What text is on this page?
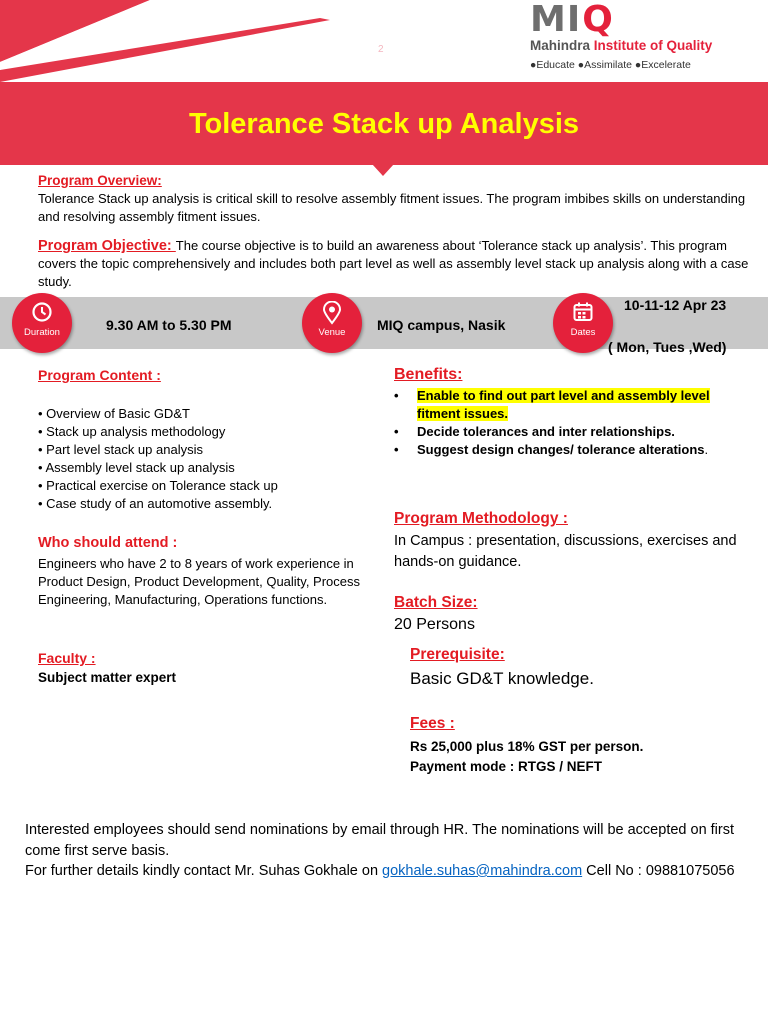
2
M I Q
Mahindra Institute of Quality
●Educate ●Assimilate ●Excelerate
Tolerance Stack up Analysis
Program Overview:
Tolerance Stack up analysis is critical skill to resolve assembly fitment issues. The program imbibes skills on understanding and resolving assembly fitment issues.
Program Objective: The course objective is to build an awareness about ‘Tolerance stack up analysis’. This program covers the topic comprehensively and includes both part level as well as assembly level stack up analysis along with a case study.
Duration	9.30 AM to 5.30 PM	Venue	MIQ campus, Nasik	Dates
10-11-12 Apr 23
( Mon, Tues ,Wed)
Program Content :
• Overview of Basic GD&T
• Stack up analysis methodology
• Part level stack up analysis
• Assembly level stack up analysis
• Practical exercise on Tolerance stack up
• Case study of an automotive assembly.
Who should attend :
Engineers who have 2 to 8 years of work experience in Product Design, Product Development, Quality, Process Engineering, Manufacturing, Operations functions.
Faculty :
Subject matter expert
Benefits:
• Enable to find out part level and assembly level fitment issues.
• Decide tolerances and inter relationships.
• Suggest design changes/ tolerance alterations.
Program Methodology :
In Campus : presentation, discussions, exercises and hands-on guidance.
Batch Size:
20 Persons
Prerequisite:
Basic GD&T knowledge.
Fees :
Rs 25,000 plus 18% GST per person.
Payment mode : RTGS / NEFT
Interested employees should send nominations by email through HR. The nominations will be accepted on first come first serve basis.
For further details kindly contact Mr. Suhas Gokhale on gokhale.suhas@mahindra.com Cell No : 09881075056
